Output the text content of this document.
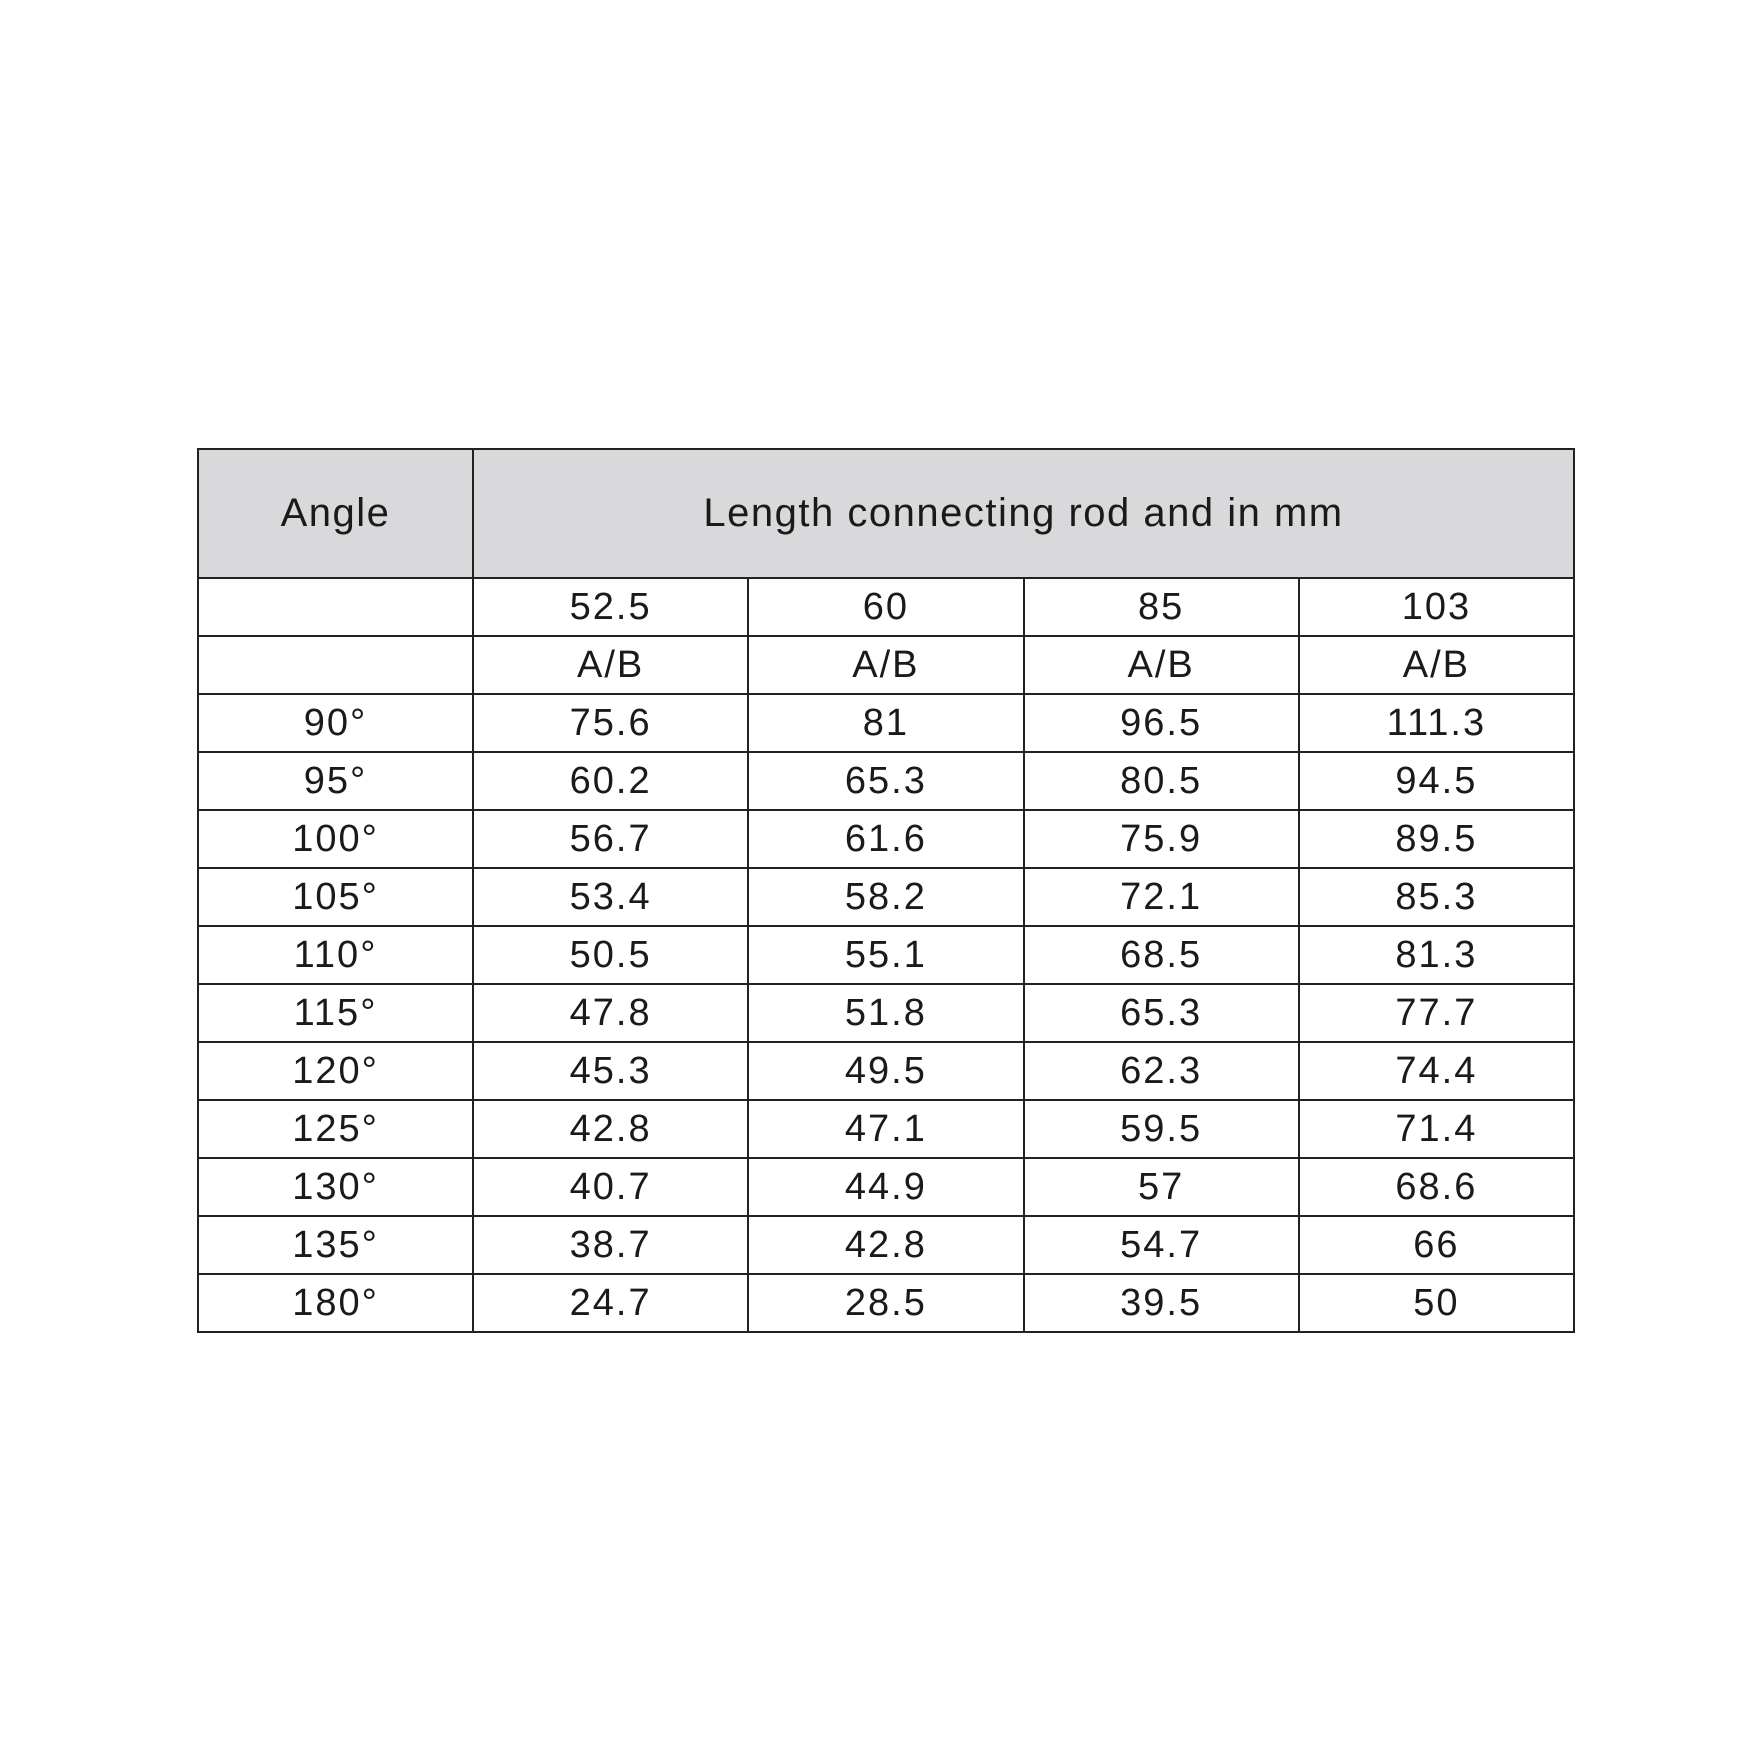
Angle	Length connecting rod and in mm			
	52.5	60	85	103
	A/B	A/B	A/B	A/B
90°	75.6	81	96.5	111.3
95°	60.2	65.3	80.5	94.5
100°	56.7	61.6	75.9	89.5
105°	53.4	58.2	72.1	85.3
110°	50.5	55.1	68.5	81.3
115°	47.8	51.8	65.3	77.7
120°	45.3	49.5	62.3	74.4
125°	42.8	47.1	59.5	71.4
130°	40.7	44.9	57	68.6
135°	38.7	42.8	54.7	66
180°	24.7	28.5	39.5	50
